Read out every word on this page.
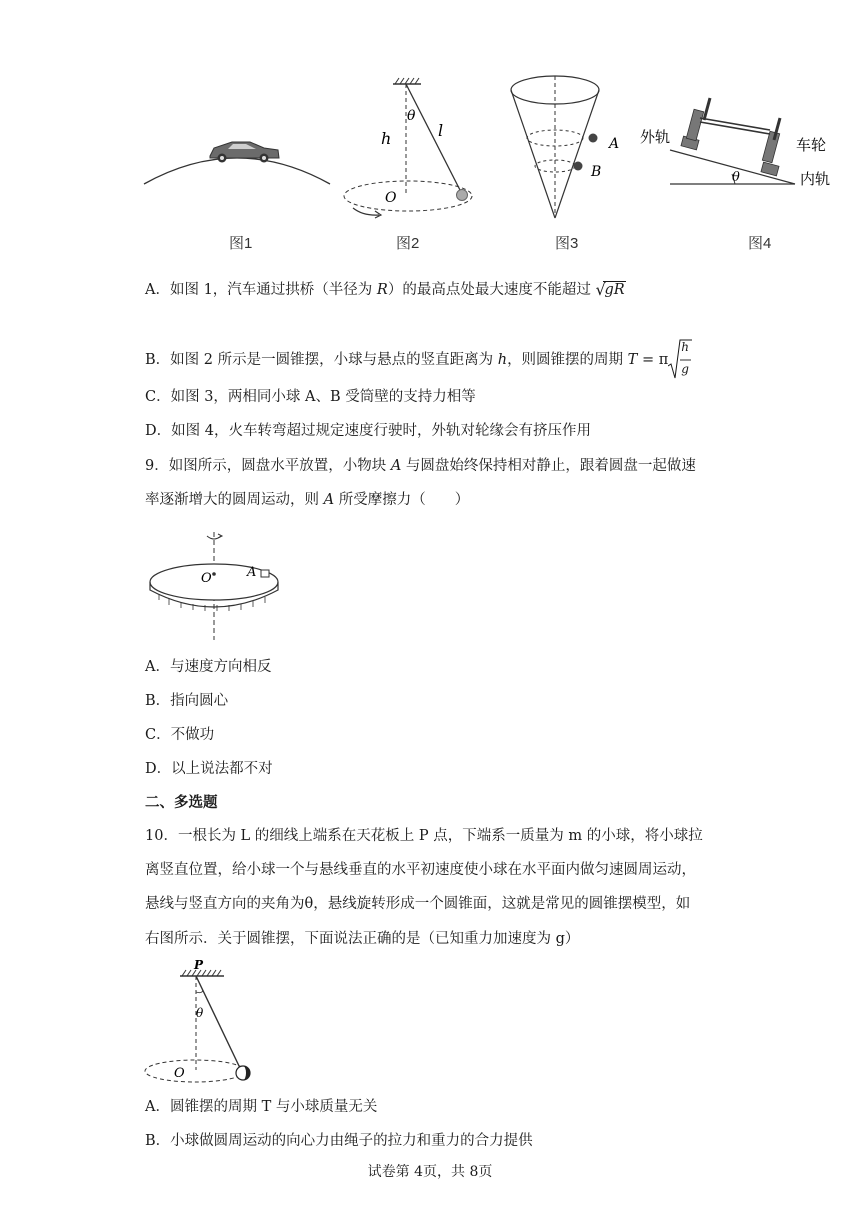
图1
θ
h	l
O
图2
A
B
图3
θ
外轨	车轮
内轨
图4
A．如图 1，汽车通过拱桥（半径为 R）的最高点处最大速度不能超过 √
gR
B．如图 2 所示是一圆锥摆，小球与悬点的竖直距离为 h，则圆锥摆的周期 T = π
h
g
C．如图 3，两相同小球 A、B 受筒壁的支持力相等
D．如图 4，火车转弯超过规定速度行驶时，外轨对轮缘会有挤压作用
9．如图所示，圆盘水平放置，小物块 A 与圆盘始终保持相对静止，跟着圆盘一起做速
率逐渐增大的圆周运动，则 A 所受摩擦力（　　）
O	A
A．与速度方向相反
B．指向圆心
C．不做功
D．以上说法都不对
二、多选题
10．一根长为 L 的细线上端系在天花板上 P 点，下端系一质量为 m 的小球，将小球拉
离竖直位置，给小球一个与悬线垂直的水平初速度使小球在水平面内做匀速圆周运动，
悬线与竖直方向的夹角为θ，悬线旋转形成一个圆锥面，这就是常见的圆锥摆模型，如
右图所示．关于圆锥摆，下面说法正确的是（已知重力加速度为 g）
P
θ
O
A．圆锥摆的周期 T 与小球质量无关
B．小球做圆周运动的向心力由绳子的拉力和重力的合力提供
试卷第 4页，共 8页
